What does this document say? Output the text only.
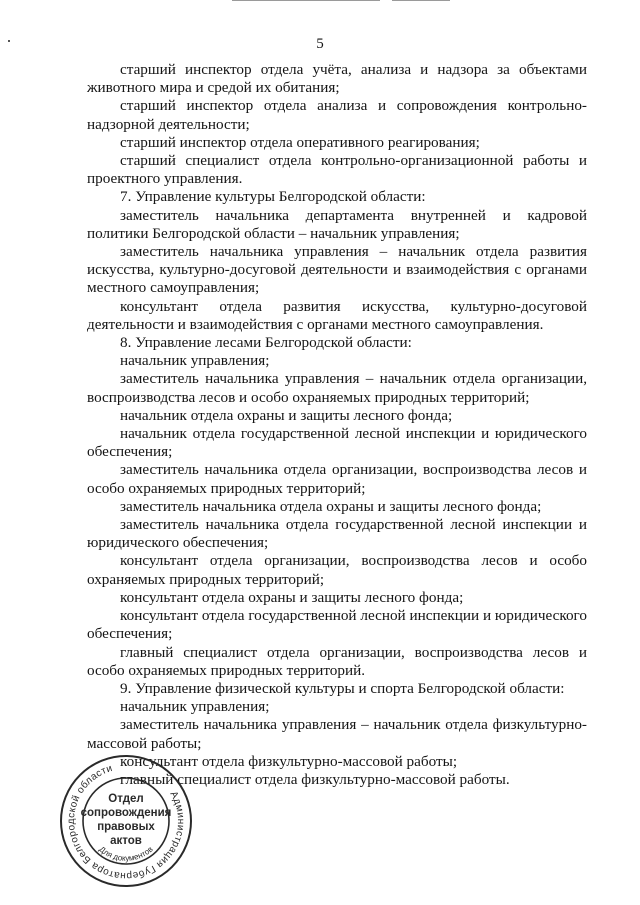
5

старший инспектор отдела учёта, анализа и надзора за объектами животного мира и средой их обитания;

старший инспектор отдела анализа и сопровождения контрольно-надзорной деятельности;

старший инспектор отдела оперативного реагирования;

старший специалист отдела контрольно-организационной работы и проектного управления.

7. Управление культуры Белгородской области:

заместитель начальника департамента внутренней и кадровой политики Белгородской области – начальник управления;

заместитель начальника управления – начальник отдела развития искусства, культурно-досуговой деятельности и взаимодействия с органами местного самоуправления;

консультант отдела развития искусства, культурно-досуговой деятельности и взаимодействия с органами местного самоуправления.

8. Управление лесами Белгородской области:

начальник управления;

заместитель начальника управления – начальник отдела организации, воспроизводства лесов и особо охраняемых природных территорий;

начальник отдела охраны и защиты лесного фонда;

начальник отдела государственной лесной инспекции и юридического обеспечения;

заместитель начальника отдела организации, воспроизводства лесов и особо охраняемых природных территорий;

заместитель начальника отдела охраны и защиты лесного фонда;

заместитель начальника отдела государственной лесной инспекции и юридического обеспечения;

консультант отдела организации, воспроизводства лесов и особо охраняемых природных территорий;

консультант отдела охраны и защиты лесного фонда;

консультант отдела государственной лесной инспекции и юридического обеспечения;

главный специалист отдела организации, воспроизводства лесов и особо охраняемых природных территорий.

9. Управление физической культуры и спорта Белгородской области:

начальник управления;

заместитель начальника управления – начальник отдела физкультурно-массовой работы;

консультант отдела физкультурно-массовой работы;

главный специалист отдела физкультурно-массовой работы.

Администрация Губернатора Белгородской области
Для документов
Отдел
сопровождения
правовых
актов
